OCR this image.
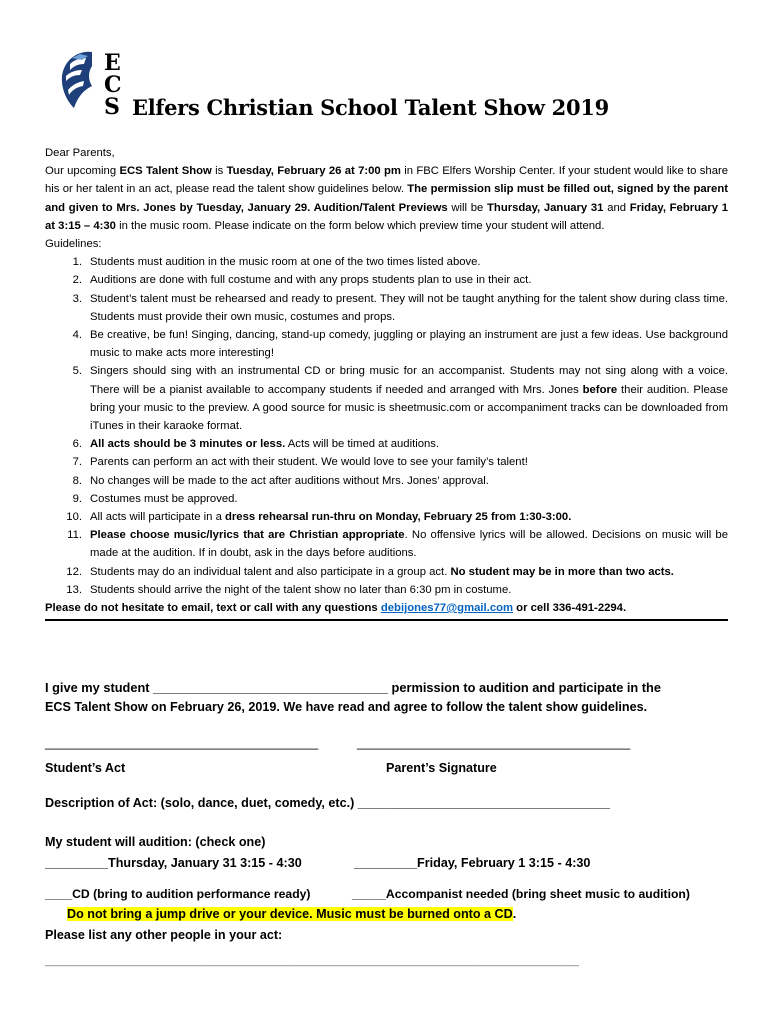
E
C
S Elfers Christian School Talent Show 2019

Dear Parents,

Our upcoming ECS Talent Show is Tuesday, February 26 at 7:00 pm in FBC Elfers Worship Center. If your student would like to share his or her talent in an act, please read the talent show guidelines below. The permission slip must be filled out, signed by the parent and given to Mrs. Jones by Tuesday, January 29. Audition/Talent Previews will be Thursday, January 31 and Friday, February 1 at 3:15 – 4:30 in the music room. Please indicate on the form below which preview time your student will attend.

Guidelines:

1. Students must audition in the music room at one of the two times listed above.
2. Auditions are done with full costume and with any props students plan to use in their act.
3. Student’s talent must be rehearsed and ready to present. They will not be taught anything for the talent show during class time. Students must provide their own music, costumes and props.
4. Be creative, be fun! Singing, dancing, stand-up comedy, juggling or playing an instrument are just a few ideas. Use background music to make acts more interesting!
5. Singers should sing with an instrumental CD or bring music for an accompanist. Students may not sing along with a voice. There will be a pianist available to accompany students if needed and arranged with Mrs. Jones before their audition. Please bring your music to the preview. A good source for music is sheetmusic.com or accompaniment tracks can be downloaded from iTunes in their karaoke format.
6. All acts should be 3 minutes or less. Acts will be timed at auditions.
7. Parents can perform an act with their student. We would love to see your family’s talent!
8. No changes will be made to the act after auditions without Mrs. Jones’ approval.
9. Costumes must be approved.
10. All acts will participate in a dress rehearsal run-thru on Monday, February 25 from 1:30-3:00.
11. Please choose music/lyrics that are Christian appropriate. No offensive lyrics will be allowed. Decisions on music will be made at the audition. If in doubt, ask in the days before auditions.
12. Students may do an individual talent and also participate in a group act. No student may be in more than two acts.
13. Students should arrive the night of the talent show no later than 6:30 pm in costume.

Please do not hesitate to email, text or call with any questions debijones77@gmail.com or cell 336-491-2294.

I give my student _________________________________ permission to audition and participate in the
ECS Talent Show on February 26, 2019. We have read and agree to follow the talent show guidelines.
_______________________________________	_______________________________________
Student’s Act	Parent’s Signature
Description of Act: (solo, dance, duet, comedy, etc.) ____________________________________
My student will audition: (check one)
_________Thursday, January 31 3:15 - 4:30	_________Friday, February 1 3:15 - 4:30
____CD (bring to audition performance ready)	_____Accompanist needed (bring sheet music to audition)
Do not bring a jump drive or your device. Music must be burned onto a CD.
Please list any other people in your act:
________________________________________________________________________________________________
